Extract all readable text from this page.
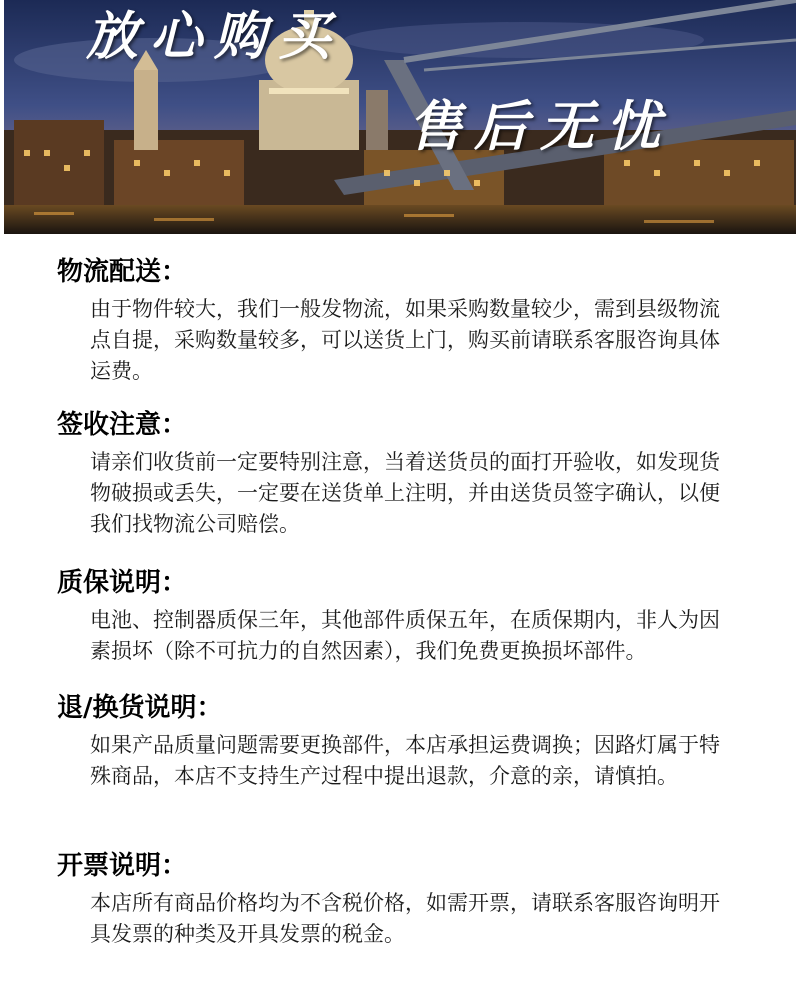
放心购买
售后无忧
物流配送：

由于物件较大，我们一般发物流，如果采购数量较少，需到县级物流点自提，采购数量较多，可以送货上门，购买前请联系客服咨询具体运费。

签收注意：

请亲们收货前一定要特别注意，当着送货员的面打开验收，如发现货物破损或丢失，一定要在送货单上注明，并由送货员签字确认，以便我们找物流公司赔偿。

质保说明：

电池、控制器质保三年，其他部件质保五年，在质保期内，非人为因素损坏（除不可抗力的自然因素），我们免费更换损坏部件。

退/换货说明：

如果产品质量问题需要更换部件，本店承担运费调换；因路灯属于特殊商品，本店不支持生产过程中提出退款，介意的亲，请慎拍。

开票说明：

本店所有商品价格均为不含税价格，如需开票，请联系客服咨询明开具发票的种类及开具发票的税金。
